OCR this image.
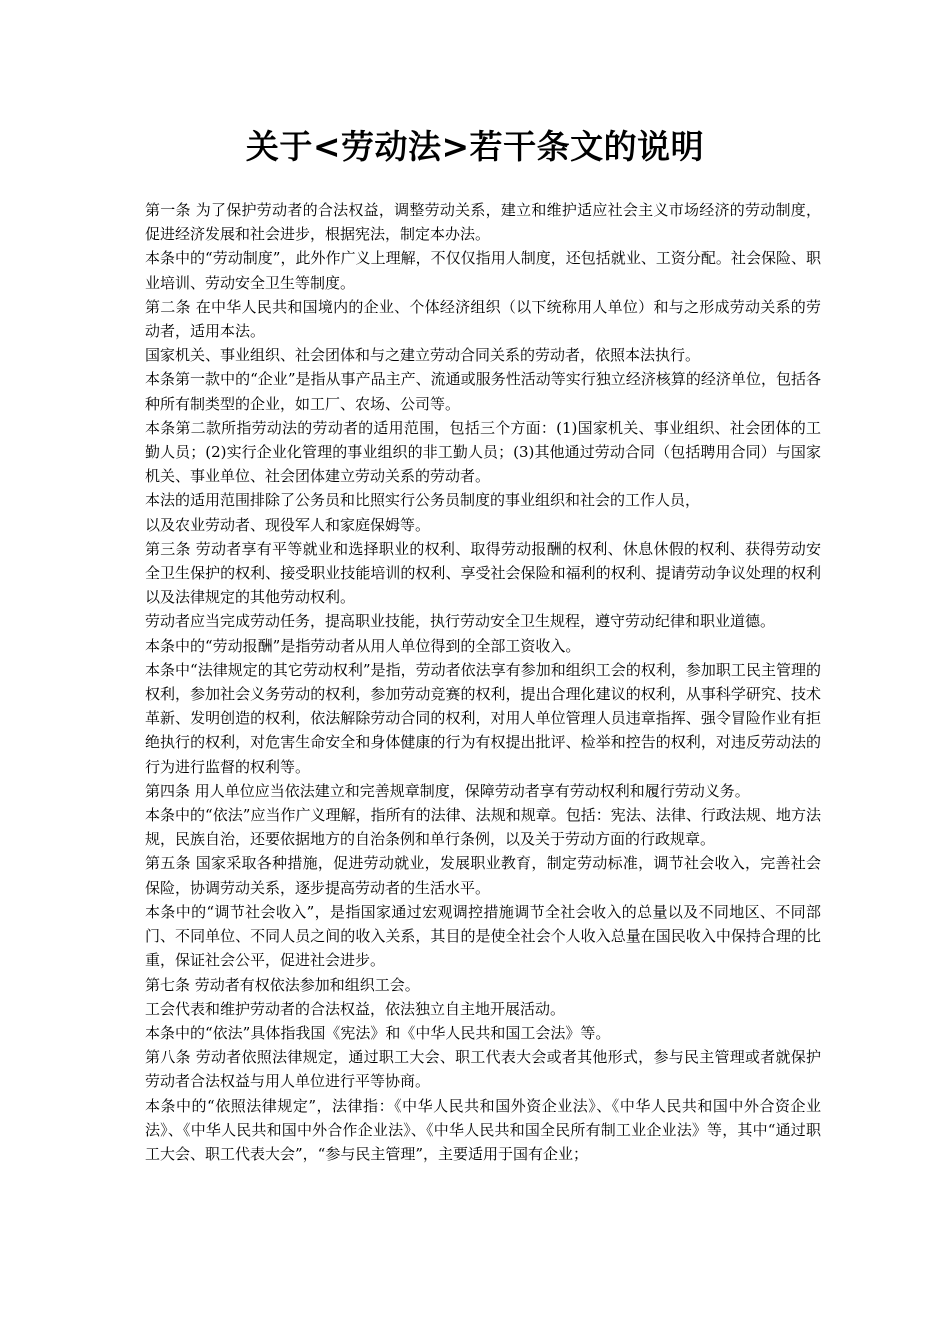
关于<劳动法>若干条文的说明

第一条 为了保护劳动者的合法权益，调整劳动关系，建立和维护适应社会主义市场经济的劳动制度，促进经济发展和社会进步，根据宪法，制定本办法。

本条中的“劳动制度”，此外作广义上理解，不仅仅指用人制度，还包括就业、工资分配。社会保险、职业培训、劳动安全卫生等制度。

第二条 在中华人民共和国境内的企业、个体经济组织（以下统称用人单位）和与之形成劳动关系的劳动者，适用本法。

国家机关、事业组织、社会团体和与之建立劳动合同关系的劳动者，依照本法执行。

本条第一款中的“企业”是指从事产品主产、流通或服务性活动等实行独立经济核算的经济单位，包括各种所有制类型的企业，如工厂、农场、公司等。

本条第二款所指劳动法的劳动者的适用范围，包括三个方面：(1)国家机关、事业组织、社会团体的工勤人员；(2)实行企业化管理的事业组织的非工勤人员；(3)其他通过劳动合同（包括聘用合同）与国家机关、事业单位、社会团体建立劳动关系的劳动者。

本法的适用范围排除了公务员和比照实行公务员制度的事业组织和社会的工作人员，

以及农业劳动者、现役军人和家庭保姆等。

第三条 劳动者享有平等就业和选择职业的权利、取得劳动报酬的权利、休息休假的权利、获得劳动安全卫生保护的权利、接受职业技能培训的权利、享受社会保险和福利的权利、提请劳动争议处理的权利以及法律规定的其他劳动权利。

劳动者应当完成劳动任务，提高职业技能，执行劳动安全卫生规程，遵守劳动纪律和职业道德。

本条中的“劳动报酬”是指劳动者从用人单位得到的全部工资收入。

本条中“法律规定的其它劳动权利”是指，劳动者依法享有参加和组织工会的权利，参加职工民主管理的权利，参加社会义务劳动的权利，参加劳动竞赛的权利，提出合理化建议的权利，从事科学研究、技术革新、发明创造的权利，依法解除劳动合同的权利，对用人单位管理人员违章指挥、强令冒险作业有拒绝执行的权利，对危害生命安全和身体健康的行为有权提出批评、检举和控告的权利，对违反劳动法的行为进行监督的权利等。

第四条 用人单位应当依法建立和完善规章制度，保障劳动者享有劳动权利和履行劳动义务。

本条中的“依法”应当作广义理解，指所有的法律、法规和规章。包括：宪法、法律、行政法规、地方法规，民族自治，还要依据地方的自治条例和单行条例，以及关于劳动方面的行政规章。

第五条 国家采取各种措施，促进劳动就业，发展职业教育，制定劳动标准，调节社会收入，完善社会保险，协调劳动关系，逐步提高劳动者的生活水平。

本条中的“调节社会收入”，是指国家通过宏观调控措施调节全社会收入的总量以及不同地区、不同部门、不同单位、不同人员之间的收入关系，其目的是使全社会个人收入总量在国民收入中保持合理的比重，保证社会公平，促进社会进步。

第七条 劳动者有权依法参加和组织工会。

工会代表和维护劳动者的合法权益，依法独立自主地开展活动。

本条中的“依法”具体指我国《宪法》和《中华人民共和国工会法》等。

第八条 劳动者依照法律规定，通过职工大会、职工代表大会或者其他形式，参与民主管理或者就保护劳动者合法权益与用人单位进行平等协商。

本条中的“依照法律规定”，法律指：《中华人民共和国外资企业法》、《中华人民共和国中外合资企业法》、《中华人民共和国中外合作企业法》、《中华人民共和国全民所有制工业企业法》等，其中“通过职工大会、职工代表大会”，“参与民主管理”，主要适用于国有企业；
